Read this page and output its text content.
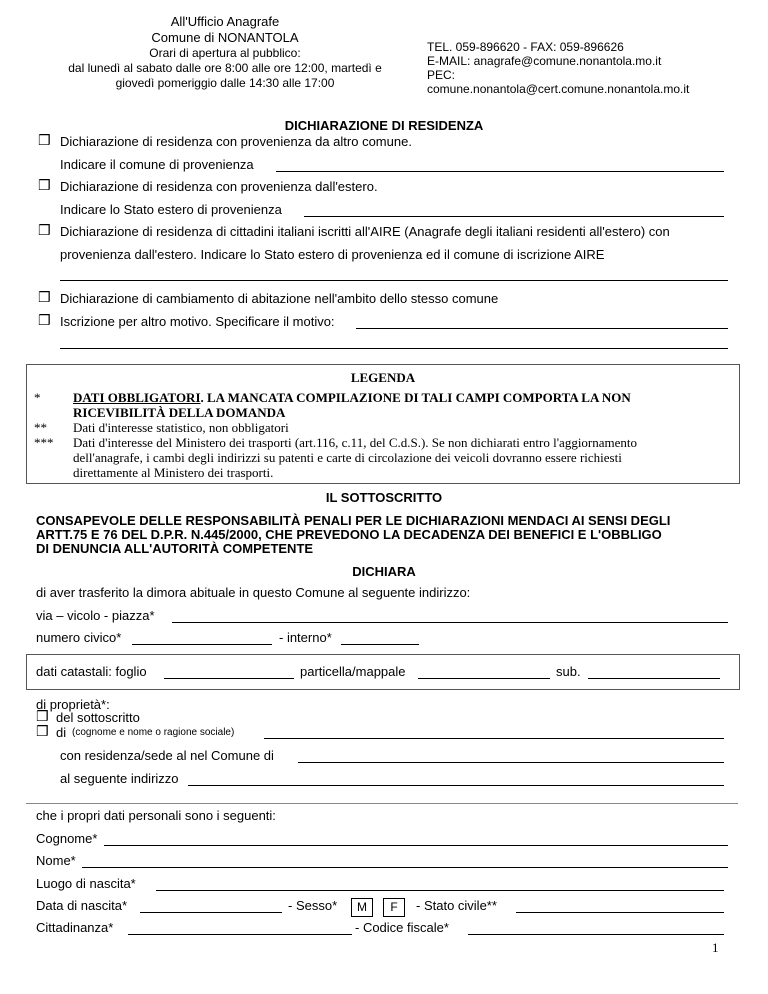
All'Ufficio Anagrafe
Comune di NONANTOLA
Orari di apertura al pubblico:
dal lunedì al sabato dalle ore 8:00 alle ore 12:00, martedì e
giovedì pomeriggio dalle 14:30 alle 17:00
TEL. 059-896620 - FAX: 059-896626
E-MAIL: anagrafe@comune.nonantola.mo.it
PEC:
comune.nonantola@cert.comune.nonantola.mo.it
DICHIARAZIONE DI RESIDENZA
❒ Dichiarazione di residenza con provenienza da altro comune.
Indicare il comune di provenienza
❒ Dichiarazione di residenza con provenienza dall'estero.
Indicare lo Stato estero di provenienza
❒ Dichiarazione di residenza di cittadini italiani iscritti all'AIRE (Anagrafe degli italiani residenti all'estero) con
provenienza dall'estero. Indicare lo Stato estero di provenienza ed il comune di iscrizione AIRE
❒ Dichiarazione di cambiamento di abitazione nell'ambito dello stesso comune
❒ Iscrizione per altro motivo. Specificare il motivo:
LEGENDA
*	DATI OBBLIGATORI. LA MANCATA COMPILAZIONE DI TALI CAMPI COMPORTA LA NON
RICEVIBILITÀ DELLA DOMANDA
** Dati d'interesse statistico, non obbligatori
*** Dati d'interesse del Ministero dei trasporti (art.116, c.11, del C.d.S.). Se non dichiarati entro l'aggiornamento
dell'anagrafe, i cambi degli indirizzi su patenti e carte di circolazione dei veicoli dovranno essere richiesti
direttamente al Ministero dei trasporti.
IL SOTTOSCRITTO
CONSAPEVOLE DELLE RESPONSABILITÀ PENALI PER LE DICHIARAZIONI MENDACI AI SENSI DEGLI
ARTT.75 E 76 DEL D.P.R. N.445/2000, CHE PREVEDONO LA DECADENZA DEI BENEFICI E L'OBBLIGO
DI DENUNCIA ALL'AUTORITÀ COMPETENTE
DICHIARA
di aver trasferito la dimora abituale in questo Comune al seguente indirizzo:
via – vicolo - piazza*
numero civico*	- interno*
dati catastali: foglio	particella/mappale	sub.
di proprietà*:
❒ del sottoscritto
❒ di (cognome e nome o ragione sociale)
con residenza/sede al nel Comune di
al seguente indirizzo
che i propri dati personali sono i seguenti:
Cognome*
Nome*
Luogo di nascita*
Data di nascita*	- Sesso*	M	F	- Stato civile**
Cittadinanza*	- Codice fiscale*
1
